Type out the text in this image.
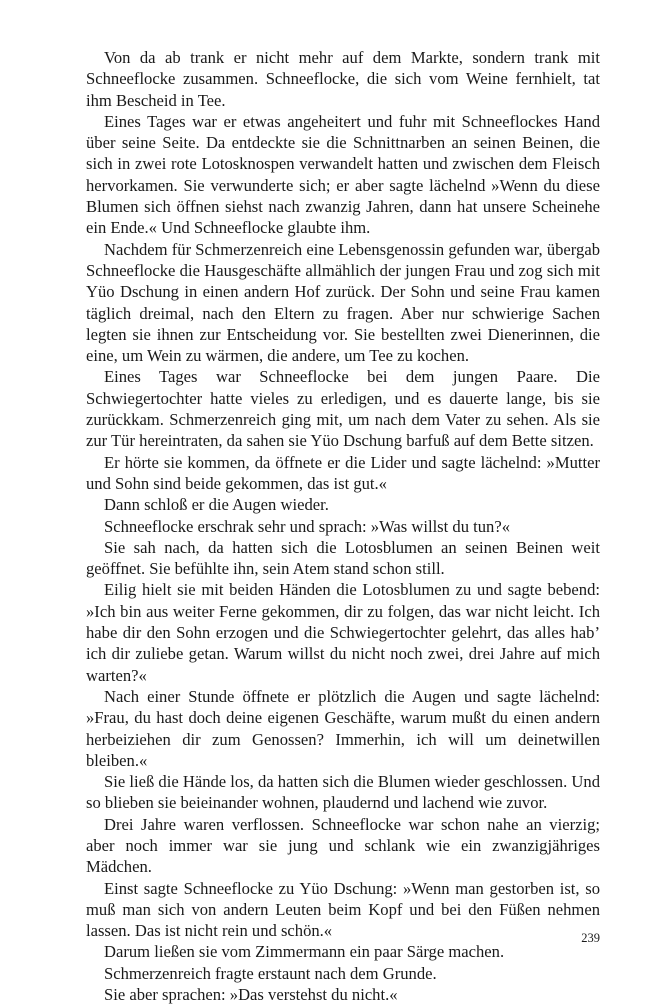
Von da ab trank er nicht mehr auf dem Markte, sondern trank mit Schneeflocke zusammen. Schneeflocke, die sich vom Weine fernhielt, tat ihm Bescheid in Tee.

Eines Tages war er etwas angeheitert und fuhr mit Schneeflockes Hand über seine Seite. Da entdeckte sie die Schnittnarben an seinen Beinen, die sich in zwei rote Lotosknospen verwandelt hatten und zwischen dem Fleisch hervorkamen. Sie verwunderte sich; er aber sagte lächelnd »Wenn du diese Blumen sich öffnen siehst nach zwanzig Jahren, dann hat unsere Scheinehe ein Ende.« Und Schneeflocke glaubte ihm.

Nachdem für Schmerzenreich eine Lebensgenossin gefunden war, übergab Schneeflocke die Hausgeschäfte allmählich der jungen Frau und zog sich mit Yüo Dschung in einen andern Hof zurück. Der Sohn und seine Frau kamen täglich dreimal, nach den Eltern zu fragen. Aber nur schwierige Sachen legten sie ihnen zur Entscheidung vor. Sie bestellten zwei Dienerinnen, die eine, um Wein zu wärmen, die andere, um Tee zu kochen.

Eines Tages war Schneeflocke bei dem jungen Paare. Die Schwiegertochter hatte vieles zu erledigen, und es dauerte lange, bis sie zurückkam. Schmerzenreich ging mit, um nach dem Vater zu sehen. Als sie zur Tür hereintraten, da sahen sie Yüo Dschung barfuß auf dem Bette sitzen.

Er hörte sie kommen, da öffnete er die Lider und sagte lächelnd: »Mutter und Sohn sind beide gekommen, das ist gut.«

Dann schloß er die Augen wieder.

Schneeflocke erschrak sehr und sprach: »Was willst du tun?«

Sie sah nach, da hatten sich die Lotosblumen an seinen Beinen weit geöffnet. Sie befühlte ihn, sein Atem stand schon still.

Eilig hielt sie mit beiden Händen die Lotosblumen zu und sagte bebend: »Ich bin aus weiter Ferne gekommen, dir zu folgen, das war nicht leicht. Ich habe dir den Sohn erzogen und die Schwiegertochter gelehrt, das alles hab’ ich dir zuliebe getan. Warum willst du nicht noch zwei, drei Jahre auf mich warten?«

Nach einer Stunde öffnete er plötzlich die Augen und sagte lächelnd: »Frau, du hast doch deine eigenen Geschäfte, warum mußt du einen andern herbeiziehen dir zum Genossen? Immerhin, ich will um deinetwillen bleiben.«

Sie ließ die Hände los, da hatten sich die Blumen wieder geschlossen. Und so blieben sie beieinander wohnen, plaudernd und lachend wie zuvor.

Drei Jahre waren verflossen. Schneeflocke war schon nahe an vierzig; aber noch immer war sie jung und schlank wie ein zwanzigjähriges Mädchen.

Einst sagte Schneeflocke zu Yüo Dschung: »Wenn man gestorben ist, so muß man sich von andern Leuten beim Kopf und bei den Füßen nehmen lassen. Das ist nicht rein und schön.«

Darum ließen sie vom Zimmermann ein paar Särge machen.

Schmerzenreich fragte erstaunt nach dem Grunde.

Sie aber sprachen: »Das verstehst du nicht.«

239
